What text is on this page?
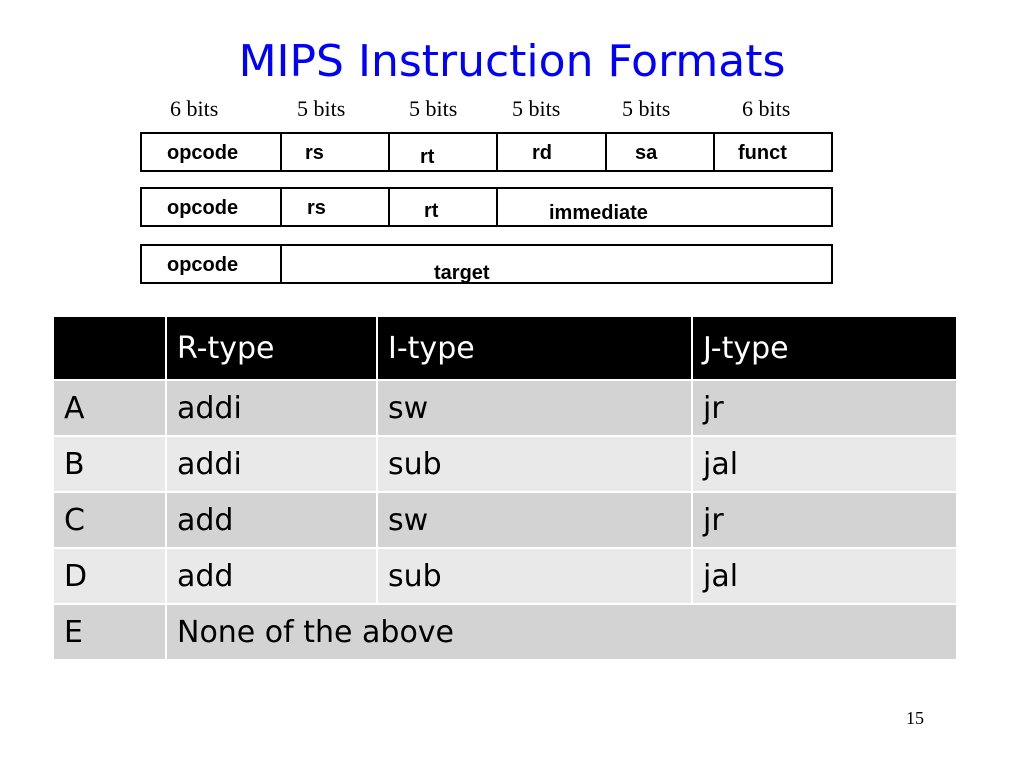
MIPS Instruction Formats
6 bits	5 bits	5 bits 5 bits	5 bits	6 bits
opcode	rs	rt	rd	sa	funct
opcode	rs	rt	immediate
opcode	target
	R-type	I-type	J-type
A	addi	sw	jr
B	addi	sub	jal
C	add	sw	jr
D	add	sub	jal
E	None of the above		
15
